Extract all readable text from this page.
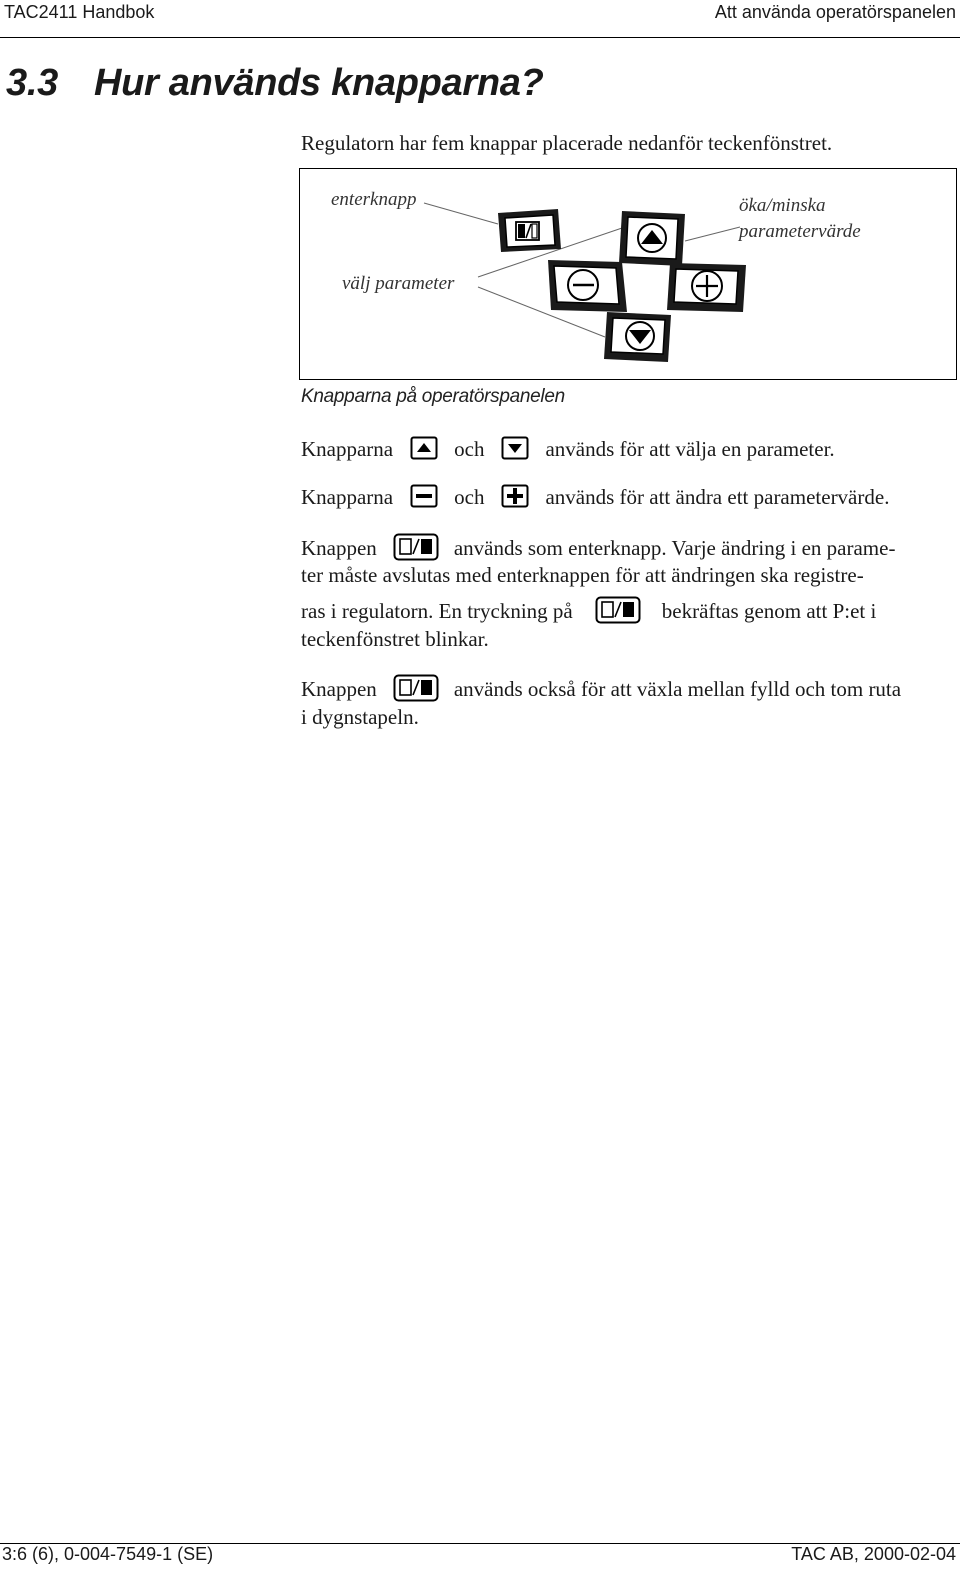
TAC2411 Handbok	Att använda operatörspanelen
3.3 Hur används knapparna?
Regulatorn har fem knappar placerade nedanför teckenfönstret.
enterknapp	öka/minska
parametervärde
välj parameter
Knapparna på operatörspanelen
Knapparna	och	används för att välja en parameter.
Knapparna	och	används för att ändra ett parametervärde.
Knappen	används som enterknapp. Varje ändring i en parame-
ter måste avslutas med enterknappen för att ändringen ska registre-
ras i regulatorn. En tryckning på	bekräftas genom att P:et i
teckenfönstret blinkar.
Knappen	används också för att växla mellan fylld och tom ruta
i dygnstapeln.
3:6 (6), 0-004-7549-1 (SE)	TAC AB, 2000-02-04
